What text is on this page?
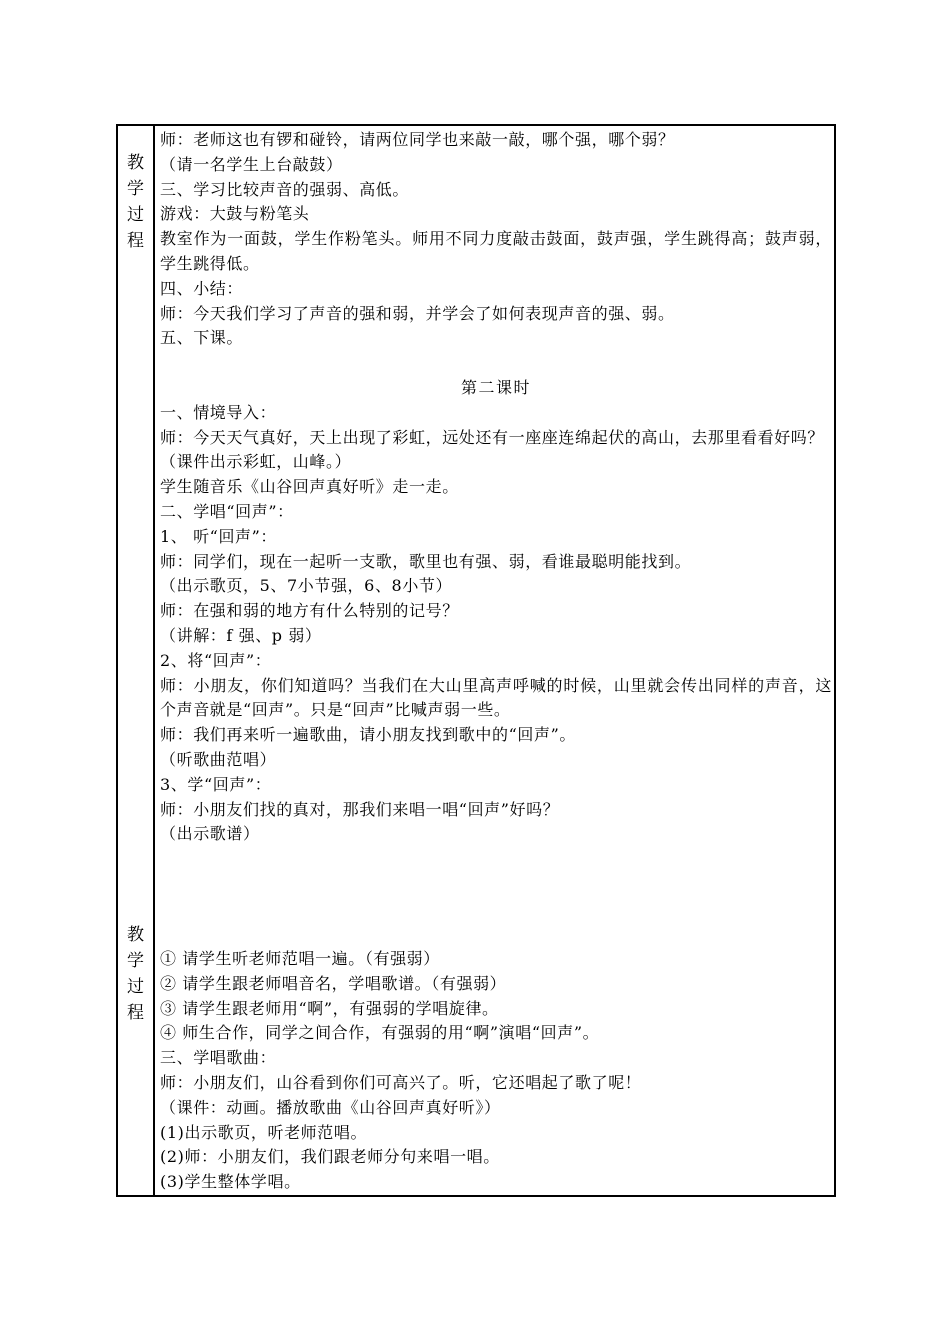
教
学
过
程
教
学
过
程
师：老师这也有锣和碰铃，请两位同学也来敲一敲，哪个强，哪个弱？
（请一名学生上台敲鼓）
三、学习比较声音的强弱、高低。
游戏：大鼓与粉笔头
教室作为一面鼓，学生作粉笔头。师用不同力度敲击鼓面，鼓声强，学生跳得高；鼓声弱，学生跳得低。
四、小结：
师：今天我们学习了声音的强和弱，并学会了如何表现声音的强、弱。
五、下课。
第二课时
一、情境导入：
师：今天天气真好，天上出现了彩虹，远处还有一座座连绵起伏的高山，去那里看看好吗？
（课件出示彩虹，山峰。）
学生随音乐《山谷回声真好听》走一走。
二、学唱“回声”：
1、 听“回声”：
师：同学们，现在一起听一支歌，歌里也有强、弱，看谁最聪明能找到。
（出示歌页，5、7小节强，6、8小节）
师：在强和弱的地方有什么特别的记号？
（讲解：f 强、p 弱）
2、将“回声”：
师：小朋友，你们知道吗？当我们在大山里高声呼喊的时候，山里就会传出同样的声音，这个声音就是“回声”。只是“回声”比喊声弱一些。
师：我们再来听一遍歌曲，请小朋友找到歌中的“回声”。
（听歌曲范唱）
3、学“回声”：
师：小朋友们找的真对，那我们来唱一唱“回声”好吗？
（出示歌谱）
① 请学生听老师范唱一遍。（有强弱）
② 请学生跟老师唱音名，学唱歌谱。（有强弱）
③ 请学生跟老师用“啊”，有强弱的学唱旋律。
④ 师生合作，同学之间合作，有强弱的用“啊”演唱“回声”。
三、学唱歌曲：
师：小朋友们，山谷看到你们可高兴了。听，它还唱起了歌了呢！
（课件：动画。播放歌曲《山谷回声真好听》）
(1)出示歌页，听老师范唱。
(2)师：小朋友们，我们跟老师分句来唱一唱。
(3)学生整体学唱。
